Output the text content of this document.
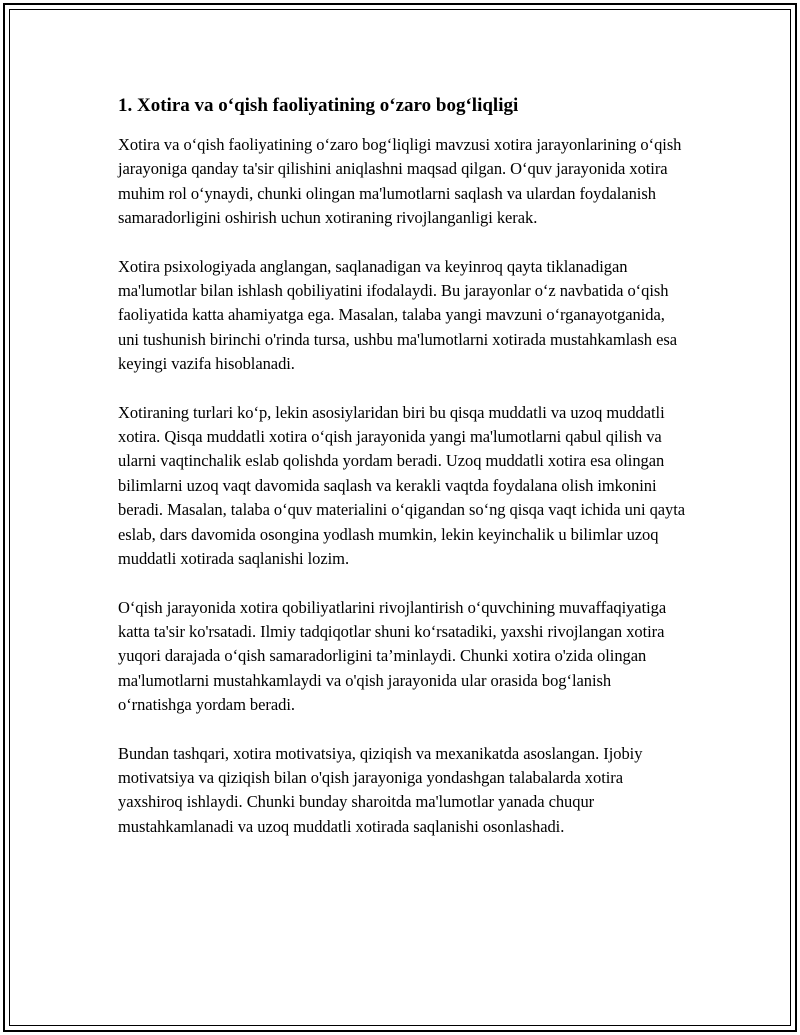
1. Xotira va o‘qish faoliyatining o‘zaro bog‘liqligi

Xotira va o‘qish faoliyatining o‘zaro bog‘liqligi mavzusi xotira jarayonlarining o‘qish jarayoniga qanday ta'sir qilishini aniqlashni maqsad qilgan. O‘quv jarayonida xotira muhim rol o‘ynaydi, chunki olingan ma'lumotlarni saqlash va ulardan foydalanish samaradorligini oshirish uchun xotiraning rivojlanganligi kerak.

Xotira psixologiyada anglangan, saqlanadigan va keyinroq qayta tiklanadigan ma'lumotlar bilan ishlash qobiliyatini ifodalaydi. Bu jarayonlar o‘z navbatida o‘qish faoliyatida katta ahamiyatga ega. Masalan, talaba yangi mavzuni o‘rganayotganida, uni tushunish birinchi o'rinda tursa, ushbu ma'lumotlarni xotirada mustahkamlash esa keyingi vazifa hisoblanadi.

Xotiraning turlari ko‘p, lekin asosiylaridan biri bu qisqa muddatli va uzoq muddatli xotira. Qisqa muddatli xotira o‘qish jarayonida yangi ma'lumotlarni qabul qilish va ularni vaqtinchalik eslab qolishda yordam beradi. Uzoq muddatli xotira esa olingan bilimlarni uzoq vaqt davomida saqlash va kerakli vaqtda foydalana olish imkonini beradi. Masalan, talaba o‘quv materialini o‘qigandan so‘ng qisqa vaqt ichida uni qayta eslab, dars davomida osongina yodlash mumkin, lekin keyinchalik u bilimlar uzoq muddatli xotirada saqlanishi lozim.

O‘qish jarayonida xotira qobiliyatlarini rivojlantirish o‘quvchining muvaffaqiyatiga katta ta'sir ko'rsatadi. Ilmiy tadqiqotlar shuni ko‘rsatadiki, yaxshi rivojlangan xotira yuqori darajada o‘qish samaradorligini ta’minlaydi. Chunki xotira o'zida olingan ma'lumotlarni mustahkamlaydi va o'qish jarayonida ular orasida bog‘lanish o‘rnatishga yordam beradi.

Bundan tashqari, xotira motivatsiya, qiziqish va mexanikatda asoslangan. Ijobiy motivatsiya va qiziqish bilan o'qish jarayoniga yondashgan talabalarda xotira yaxshiroq ishlaydi. Chunki bunday sharoitda ma'lumotlar yanada chuqur mustahkamlanadi va uzoq muddatli xotirada saqlanishi osonlashadi.
